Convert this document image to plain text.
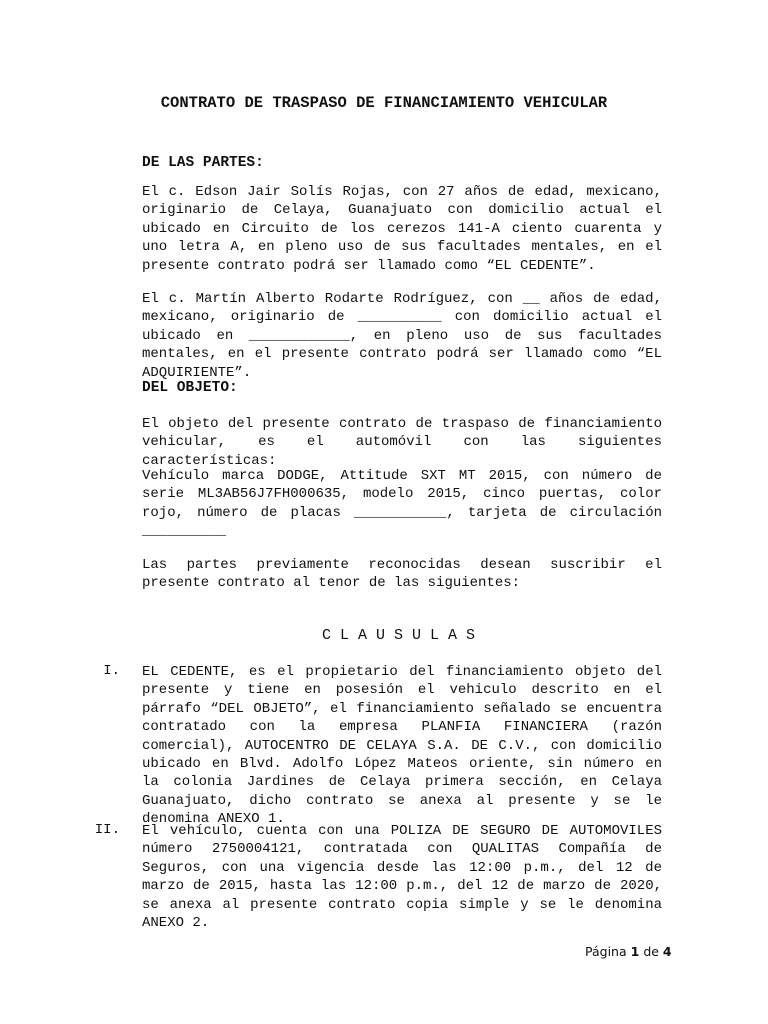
CONTRATO DE TRASPASO DE FINANCIAMIENTO VEHICULAR
DE LAS PARTES:
El c. Edson Jair Solís Rojas, con 27 años de edad, mexicano, originario de Celaya, Guanajuato con domicilio actual el ubicado en Circuito de los cerezos 141-A ciento cuarenta y uno letra A, en pleno uso de sus facultades mentales, en el presente contrato podrá ser llamado como “EL CEDENTE”.
El c. Martín Alberto Rodarte Rodríguez, con __ años de edad, mexicano, originario de __________ con domicilio actual el ubicado en ____________, en pleno uso de sus facultades mentales, en el presente contrato podrá ser llamado como “EL ADQUIRIENTE”.
DEL OBJETO:
El objeto del presente contrato de traspaso de financiamiento vehicular, es el automóvil con las siguientes características:
Vehículo marca DODGE, Attitude SXT MT 2015, con número de serie ML3AB56J7FH000635, modelo 2015, cinco puertas, color rojo, número de placas ___________, tarjeta de circulación __________
Las partes previamente reconocidas desean suscribir el presente contrato al tenor de las siguientes:
CLAUSULAS
I. EL CEDENTE, es el propietario del financiamiento objeto del presente y tiene en posesión el vehiculo descrito en el párrafo “DEL OBJETO”, el financiamiento señalado se encuentra contratado con la empresa PLANFIA FINANCIERA (razón comercial), AUTOCENTRO DE CELAYA S.A. DE C.V., con domicilio ubicado en Blvd. Adolfo López Mateos oriente, sin número en la colonia Jardines de Celaya primera sección, en Celaya Guanajuato, dicho contrato se anexa al presente y se le denomina ANEXO 1.
II. El vehículo, cuenta con una POLIZA DE SEGURO DE AUTOMOVILES número 2750004121, contratada con QUALITAS Compañía de Seguros, con una vigencia desde las 12:00 p.m., del 12 de marzo de 2015, hasta las 12:00 p.m., del 12 de marzo de 2020, se anexa al presente contrato copia simple y se le denomina ANEXO 2.
Página 1 de 4
